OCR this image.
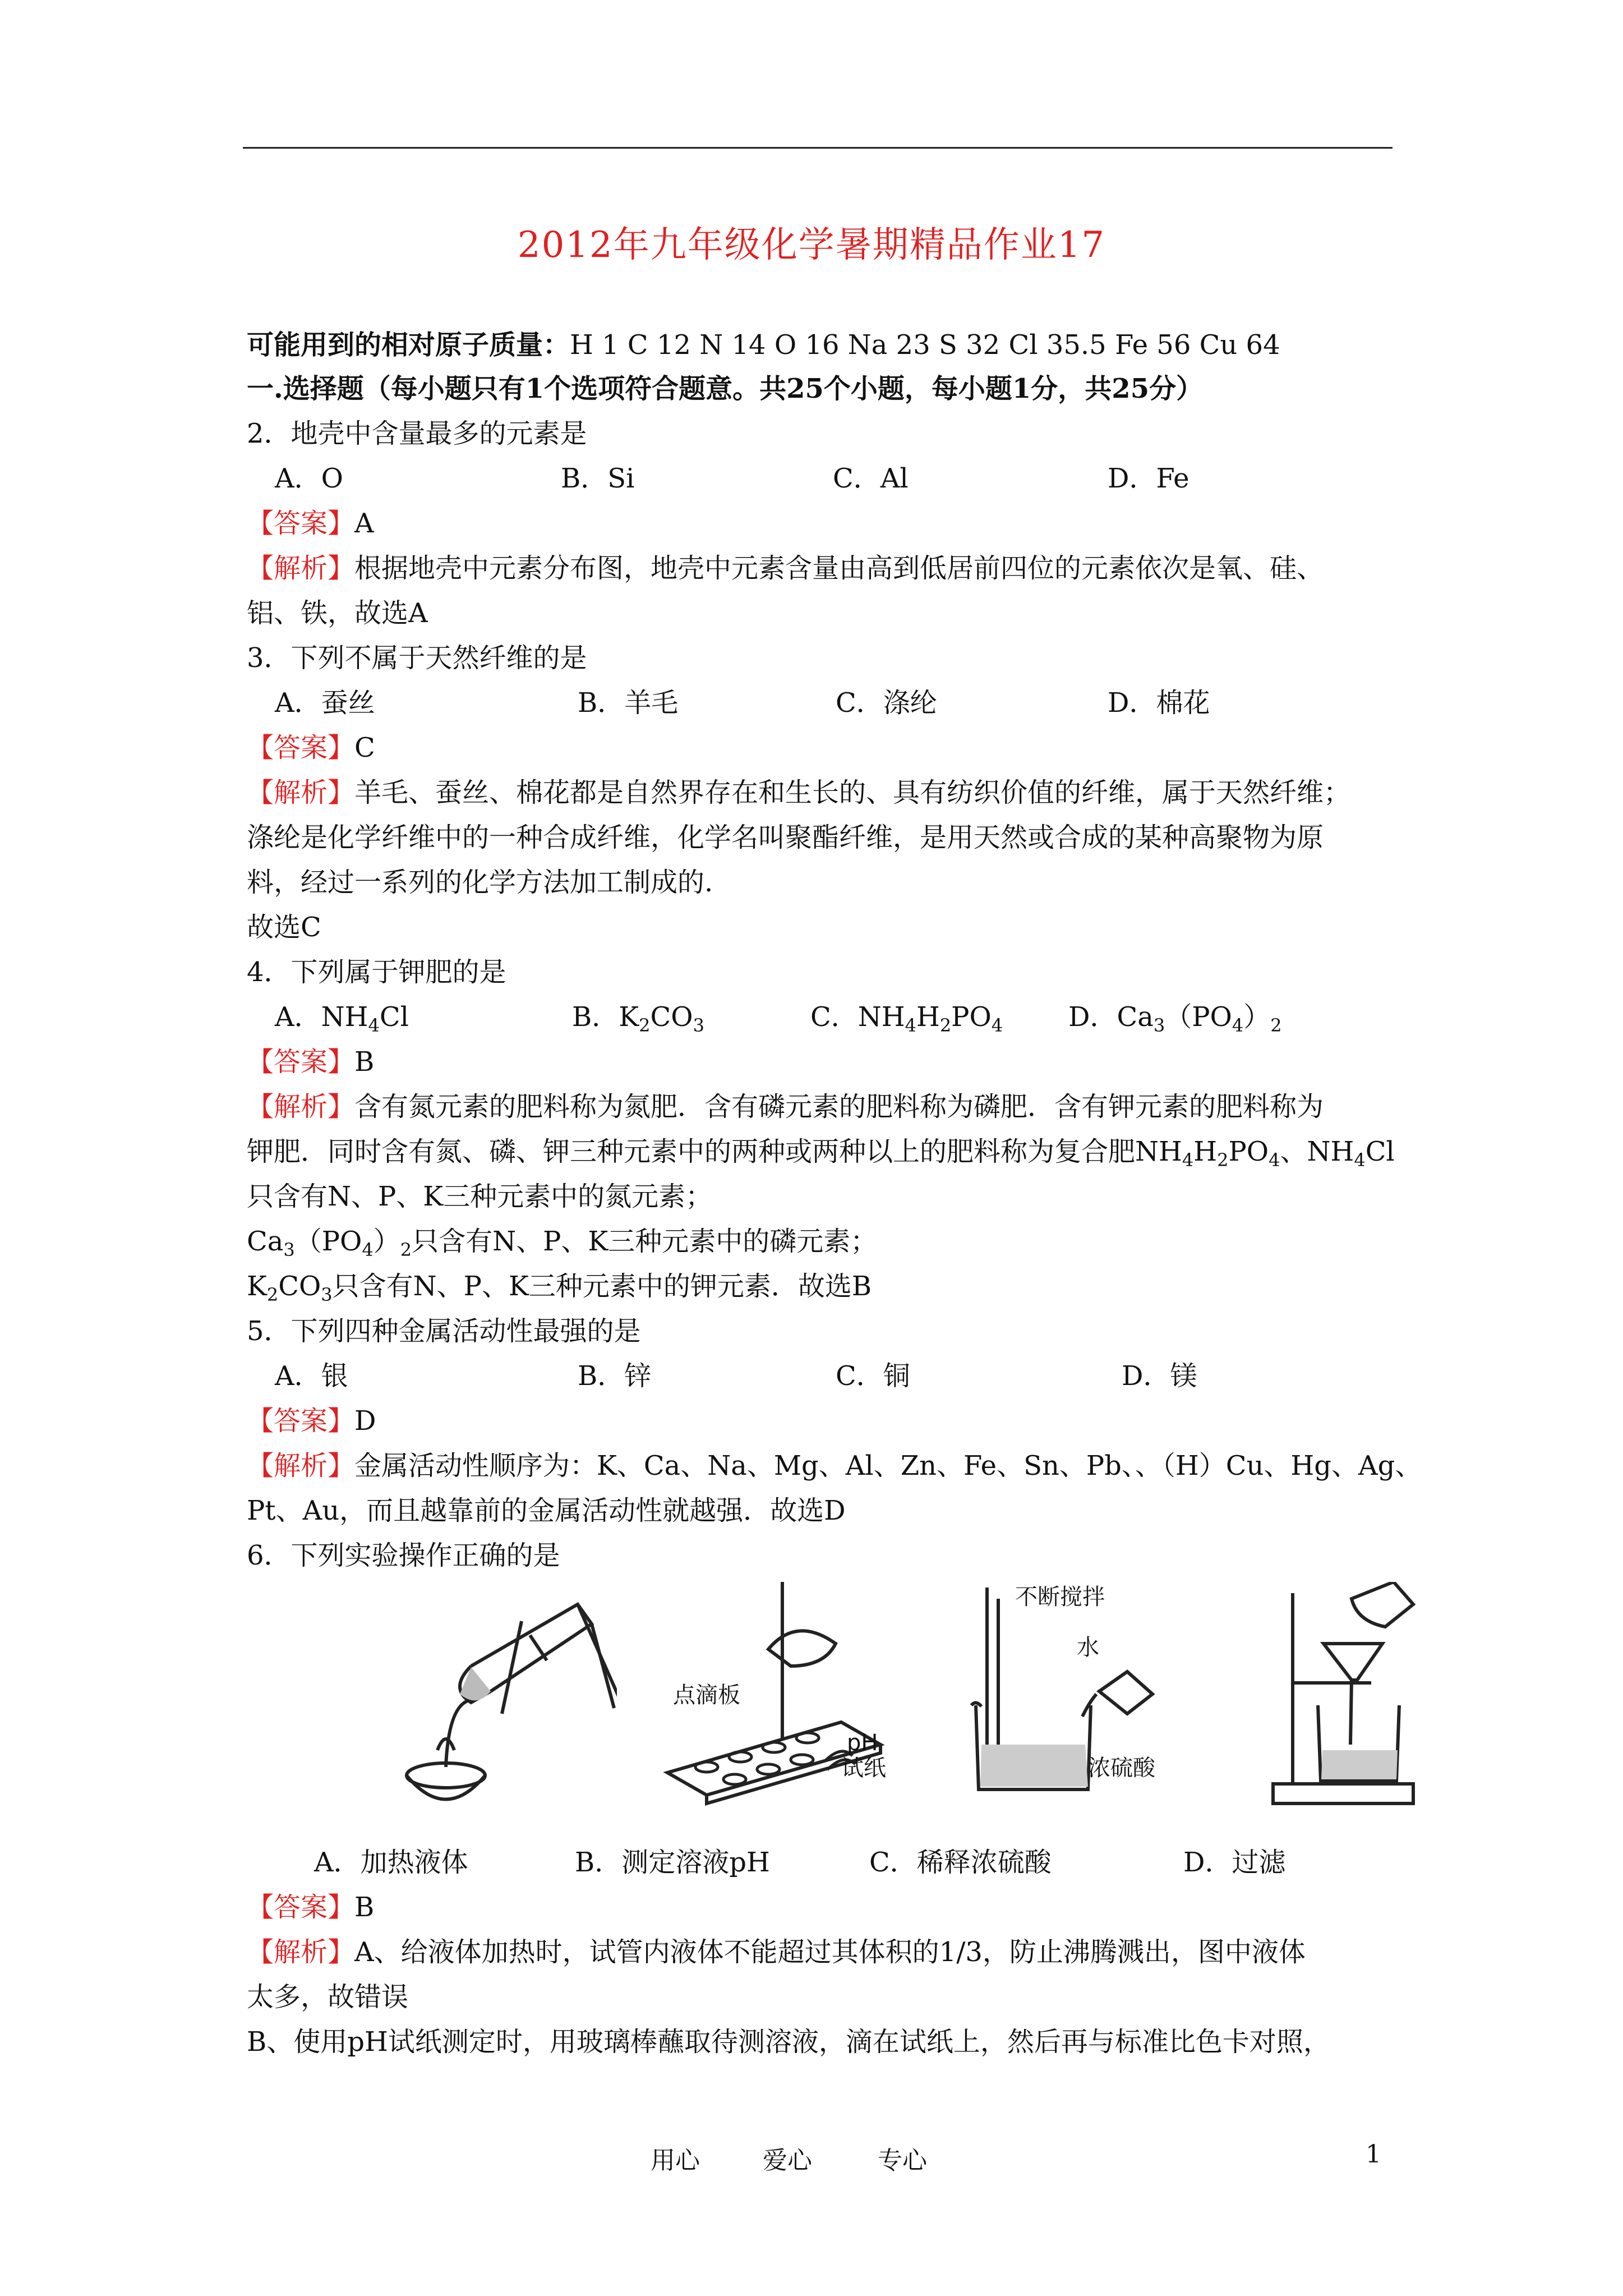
2012年九年级化学暑期精品作业17
可能用到的相对原子质量：H 1 C 12 N 14 O 16 Na 23 S 32 Cl 35.5 Fe 56 Cu 64
一.选择题（每小题只有1个选项符合题意。共25个小题，每小题1分，共25分）
2．地壳中含量最多的元素是
A．O	B．Si	C．Al	D．Fe
【答案】A
【解析】根据地壳中元素分布图，地壳中元素含量由高到低居前四位的元素依次是氧、硅、
铝、铁，故选A
3．下列不属于天然纤维的是
A．蚕丝	B．羊毛	C．涤纶	D．棉花
【答案】C
【解析】羊毛、蚕丝、棉花都是自然界存在和生长的、具有纺织价值的纤维，属于天然纤维；
涤纶是化学纤维中的一种合成纤维，化学名叫聚酯纤维，是用天然或合成的某种高聚物为原
料，经过一系列的化学方法加工制成的.
故选C
4．下列属于钾肥的是
A．$NH_4Cl$	B．$K_2CO_3$	C．$NH_4H_2PO_4$ D．$Ca_3(PO_4)_2$
【答案】B
【解析】含有氮元素的肥料称为氮肥．含有磷元素的肥料称为磷肥．含有钾元素的肥料称为
钾肥．同时含有氮、磷、钾三种元素中的两种或两种以上的肥料称为复合肥$NH_4H_2PO_4$、$NH_4Cl$
只含有N、P、K三种元素中的氮元素；
$Ca_3(PO_4)_2$只含有N、P、K三种元素中的磷元素；
$K_2CO_3$只含有N、P、K三种元素中的钾元素．故选B
5．下列四种金属活动性最强的是
A．银	B．锌	C．铜	D．镁
【答案】D
【解析】金属活动性顺序为：K、Ca、Na、Mg、Al、Zn、Fe、Sn、Pb、、（H）Cu、Hg、Ag、
Pt、Au，而且越靠前的金属活动性就越强．故选D
6．下列实验操作正确的是
点滴板
pH
试纸
不断搅拌
水
浓硫酸
A．加热液体	B．测定溶液pH	C．稀释浓硫酸	D．过滤
【答案】B
【解析】A、给液体加热时，试管内液体不能超过其体积的1/3，防止沸腾溅出，图中液体
太多，故错误
B、使用pH试纸测定时，用玻璃棒蘸取待测溶液，滴在试纸上，然后再与标准比色卡对照，
用心	爱心	专心	1
